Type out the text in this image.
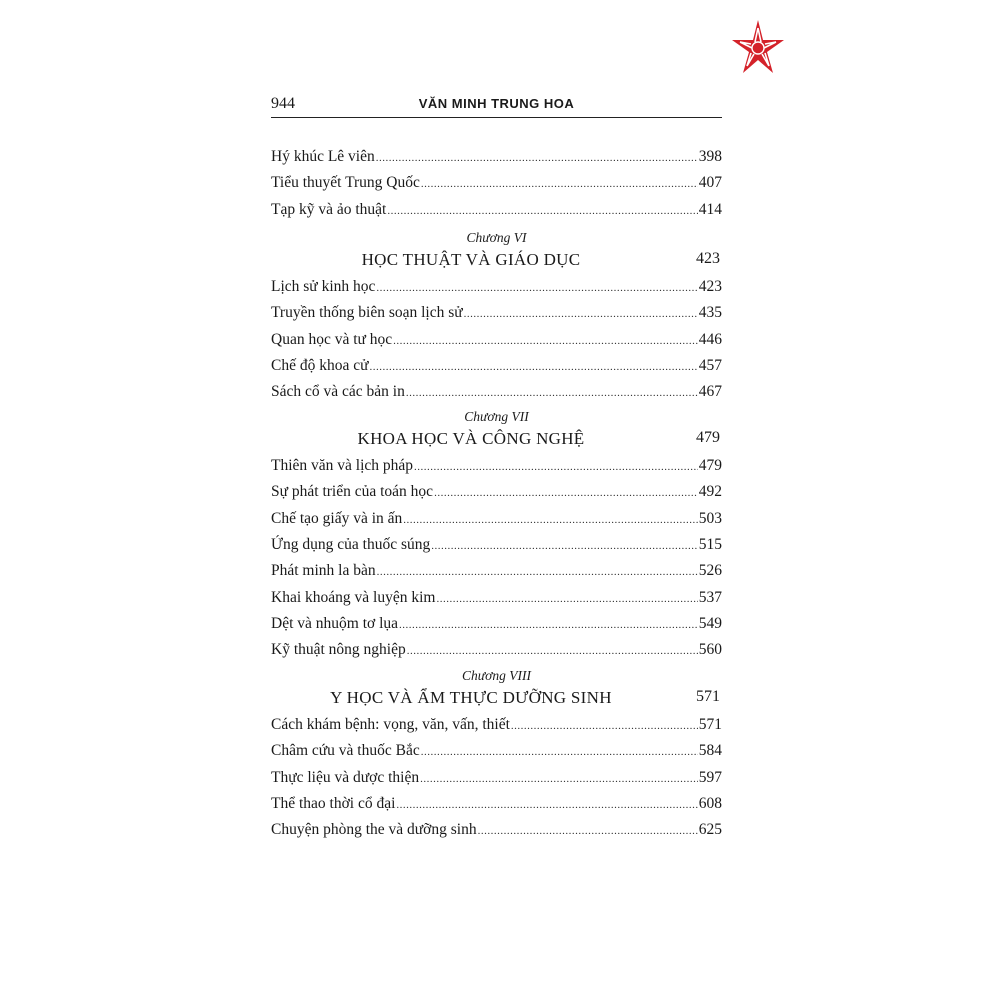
944	VĂN MINH TRUNG HOA
Hý khúc Lê viên .....	398
Tiểu thuyết Trung Quốc .....	407
Tạp kỹ và ảo thuật .....	414
Chương VI
HỌC THUẬT VÀ GIÁO DỤC	423
Lịch sử kinh học .....	423
Truyền thống biên soạn lịch sử .....	435
Quan học và tư học .....	446
Chế độ khoa cử .....	457
Sách cổ và các bản in .....	467
Chương VII
KHOA HỌC VÀ CÔNG NGHỆ	479
Thiên văn và lịch pháp .....	479
Sự phát triển của toán học .....	492
Chế tạo giấy và in ấn .....	503
Ứng dụng của thuốc súng .....	515
Phát minh la bàn .....	526
Khai khoáng và luyện kim .....	537
Dệt và nhuộm tơ lụa .....	549
Kỹ thuật nông nghiệp .....	560
Chương VIII
Y HỌC VÀ ẨM THỰC DƯỠNG SINH	571
Cách khám bệnh: vọng, văn, vấn, thiết .....	571
Châm cứu và thuốc Bắc .....	584
Thực liệu và dược thiện .....	597
Thể thao thời cổ đại .....	608
Chuyện phòng the và dưỡng sinh .....	625
